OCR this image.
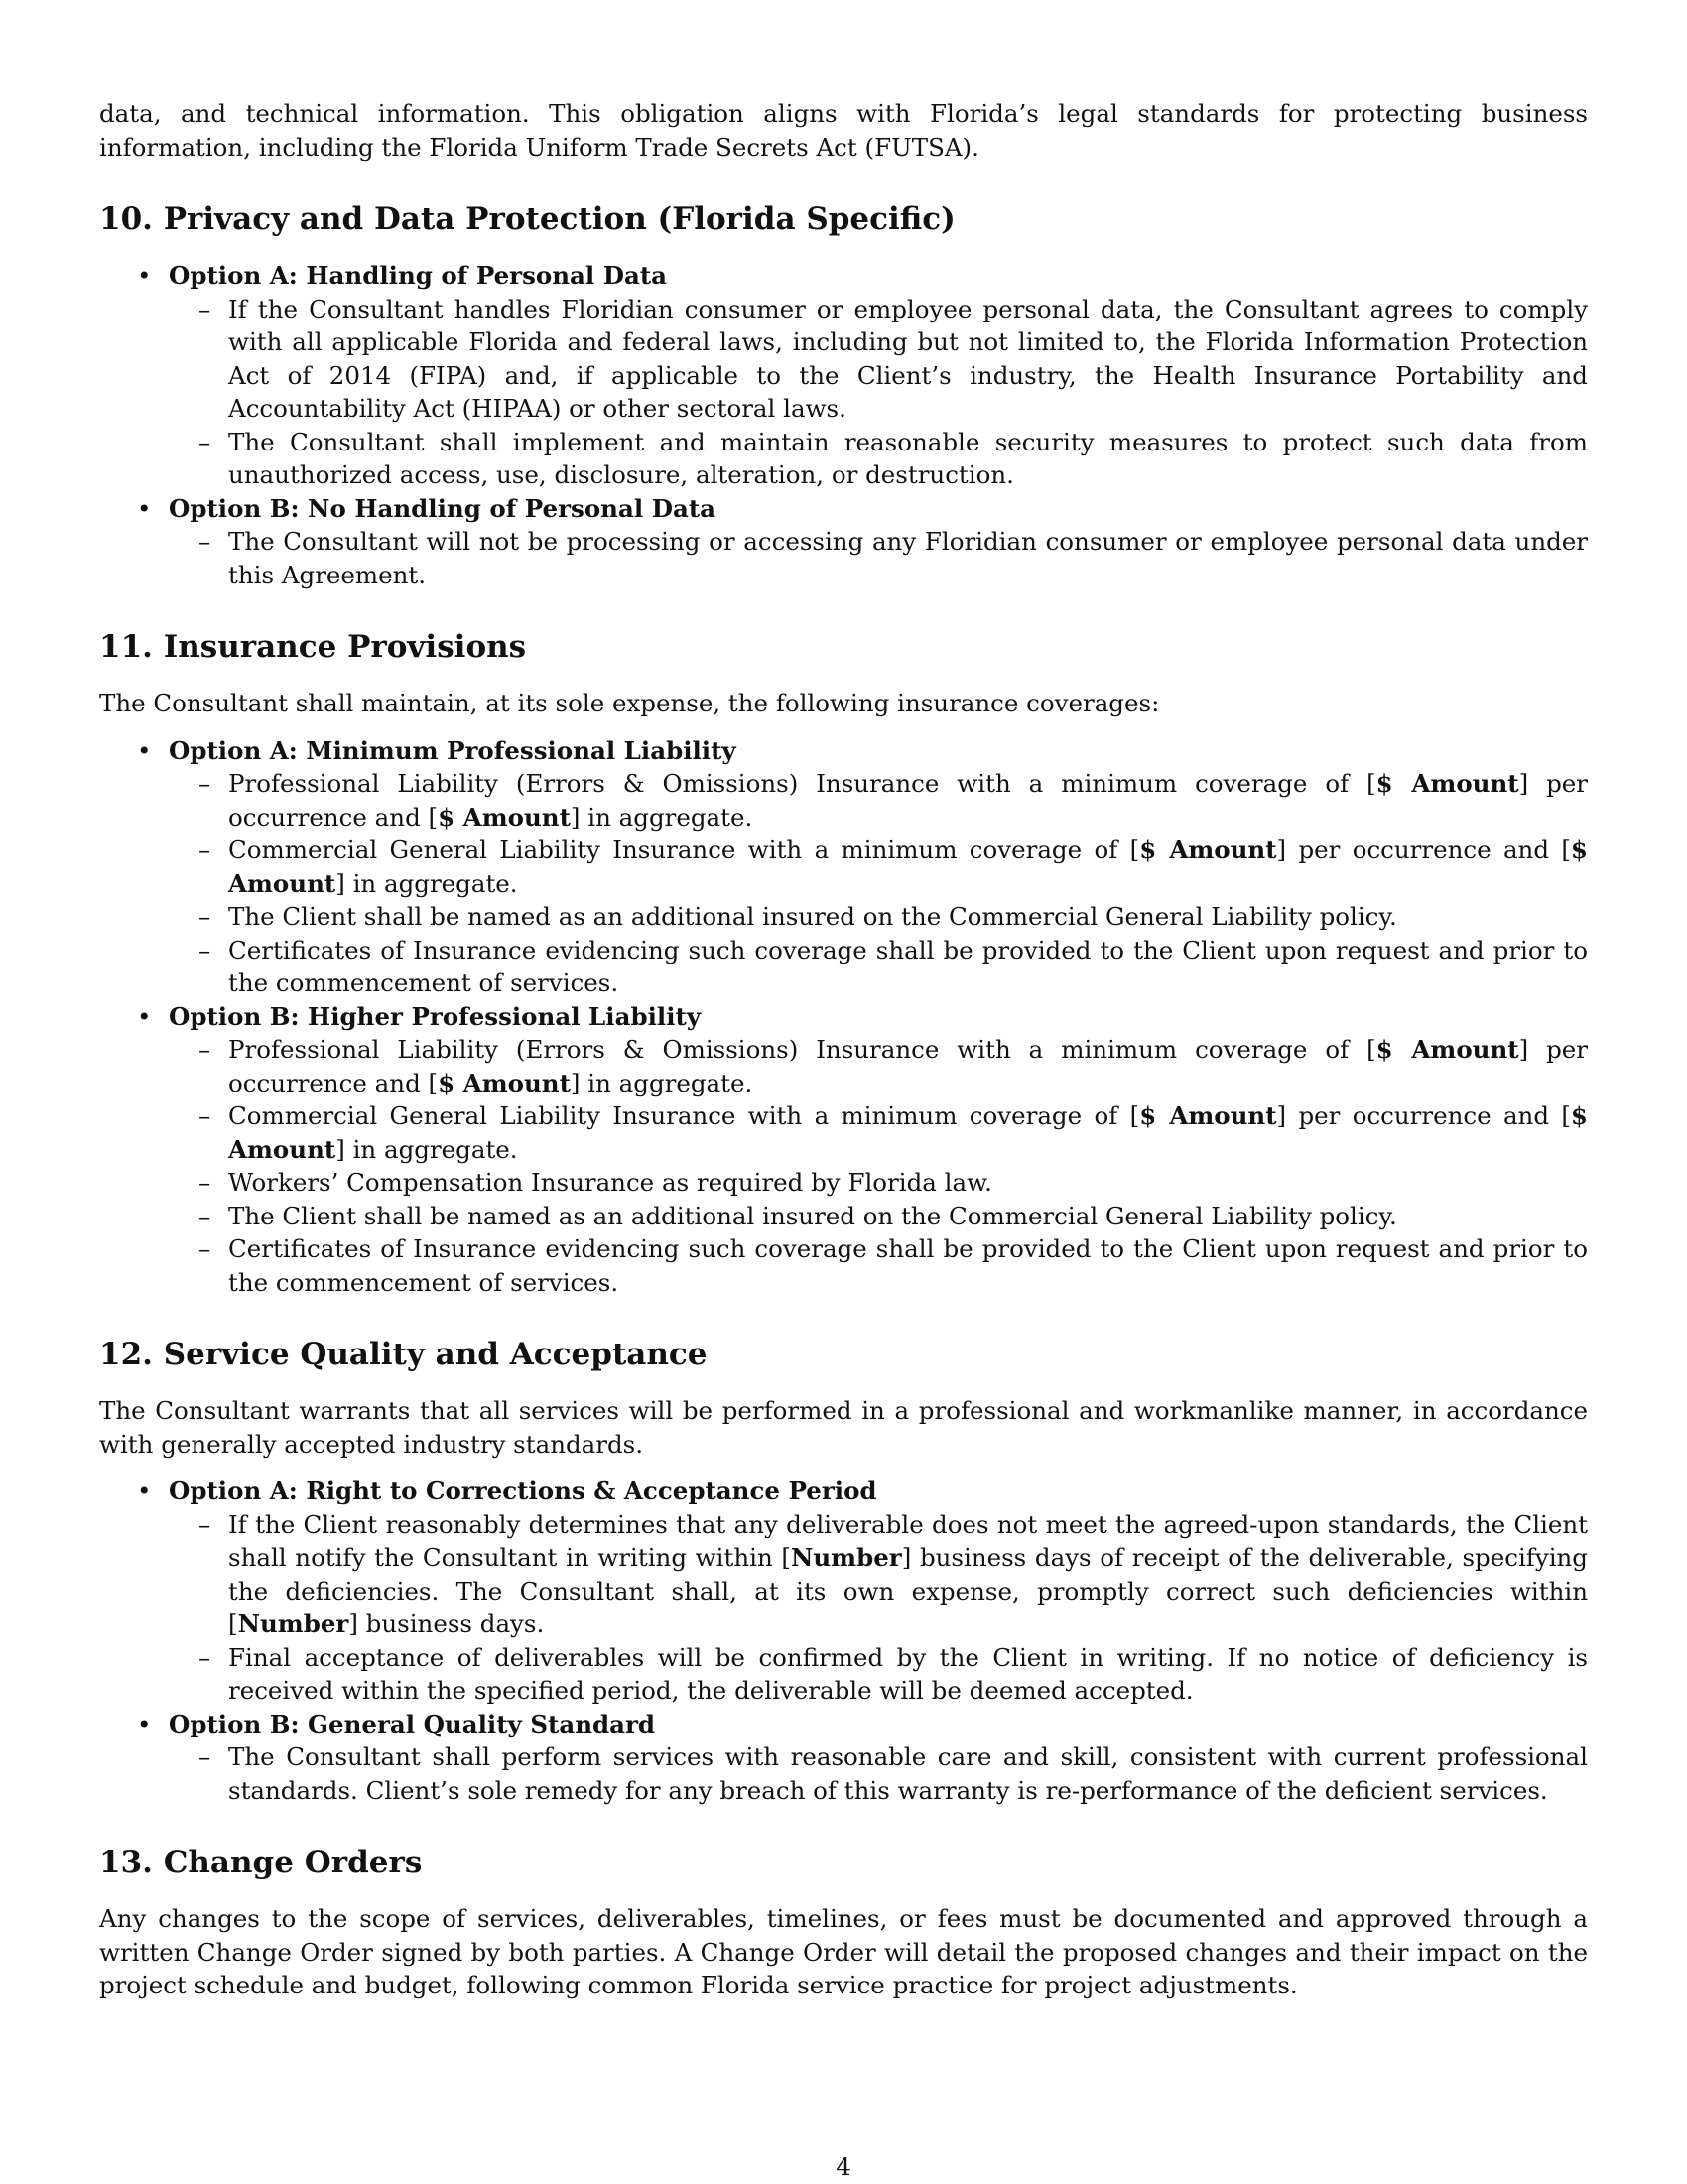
data, and technical information. This obligation aligns with Florida’s legal standards for protecting business information, including the Florida Uniform Trade Secrets Act (FUTSA).

10. Privacy and Data Protection (Florida Specific)
• Option A: Handling of Personal Data
– If the Consultant handles Floridian consumer or employee personal data, the Consultant agrees to comply with all applicable Florida and federal laws, including but not limited to, the Florida Information Protection Act of 2014 (FIPA) and, if applicable to the Client’s industry, the Health Insurance Portability and Accountability Act (HIPAA) or other sectoral laws.
– The Consultant shall implement and maintain reasonable security measures to protect such data from unauthorized access, use, disclosure, alteration, or destruction.
• Option B: No Handling of Personal Data
– The Consultant will not be processing or accessing any Floridian consumer or employee personal data under this Agreement.
11. Insurance Provisions

The Consultant shall maintain, at its sole expense, the following insurance coverages:

• Option A: Minimum Professional Liability
– Professional Liability (Errors & Omissions) Insurance with a minimum coverage of [$ Amount] per occurrence and [$ Amount] in aggregate.
– Commercial General Liability Insurance with a minimum coverage of [$ Amount] per occurrence and [$ Amount] in aggregate.
– The Client shall be named as an additional insured on the Commercial General Liability policy.
– Certificates of Insurance evidencing such coverage shall be provided to the Client upon request and prior to the commencement of services.
• Option B: Higher Professional Liability
– Professional Liability (Errors & Omissions) Insurance with a minimum coverage of [$ Amount] per occurrence and [$ Amount] in aggregate.
– Commercial General Liability Insurance with a minimum coverage of [$ Amount] per occurrence and [$ Amount] in aggregate.
– Workers’ Compensation Insurance as required by Florida law.
– The Client shall be named as an additional insured on the Commercial General Liability policy.
– Certificates of Insurance evidencing such coverage shall be provided to the Client upon request and prior to the commencement of services.
12. Service Quality and Acceptance

The Consultant warrants that all services will be performed in a professional and workmanlike manner, in accordance with generally accepted industry standards.

• Option A: Right to Corrections & Acceptance Period
– If the Client reasonably determines that any deliverable does not meet the agreed-upon standards, the Client shall notify the Consultant in writing within [Number] business days of receipt of the deliverable, specifying the deficiencies. The Consultant shall, at its own expense, promptly correct such deficiencies within [Number] business days.
– Final acceptance of deliverables will be confirmed by the Client in writing. If no notice of deficiency is received within the specified period, the deliverable will be deemed accepted.
• Option B: General Quality Standard
– The Consultant shall perform services with reasonable care and skill, consistent with current professional standards. Client’s sole remedy for any breach of this warranty is re-performance of the deficient services.
13. Change Orders

Any changes to the scope of services, deliverables, timelines, or fees must be documented and approved through a written Change Order signed by both parties. A Change Order will detail the proposed changes and their impact on the project schedule and budget, following common Florida service practice for project adjustments.

4
